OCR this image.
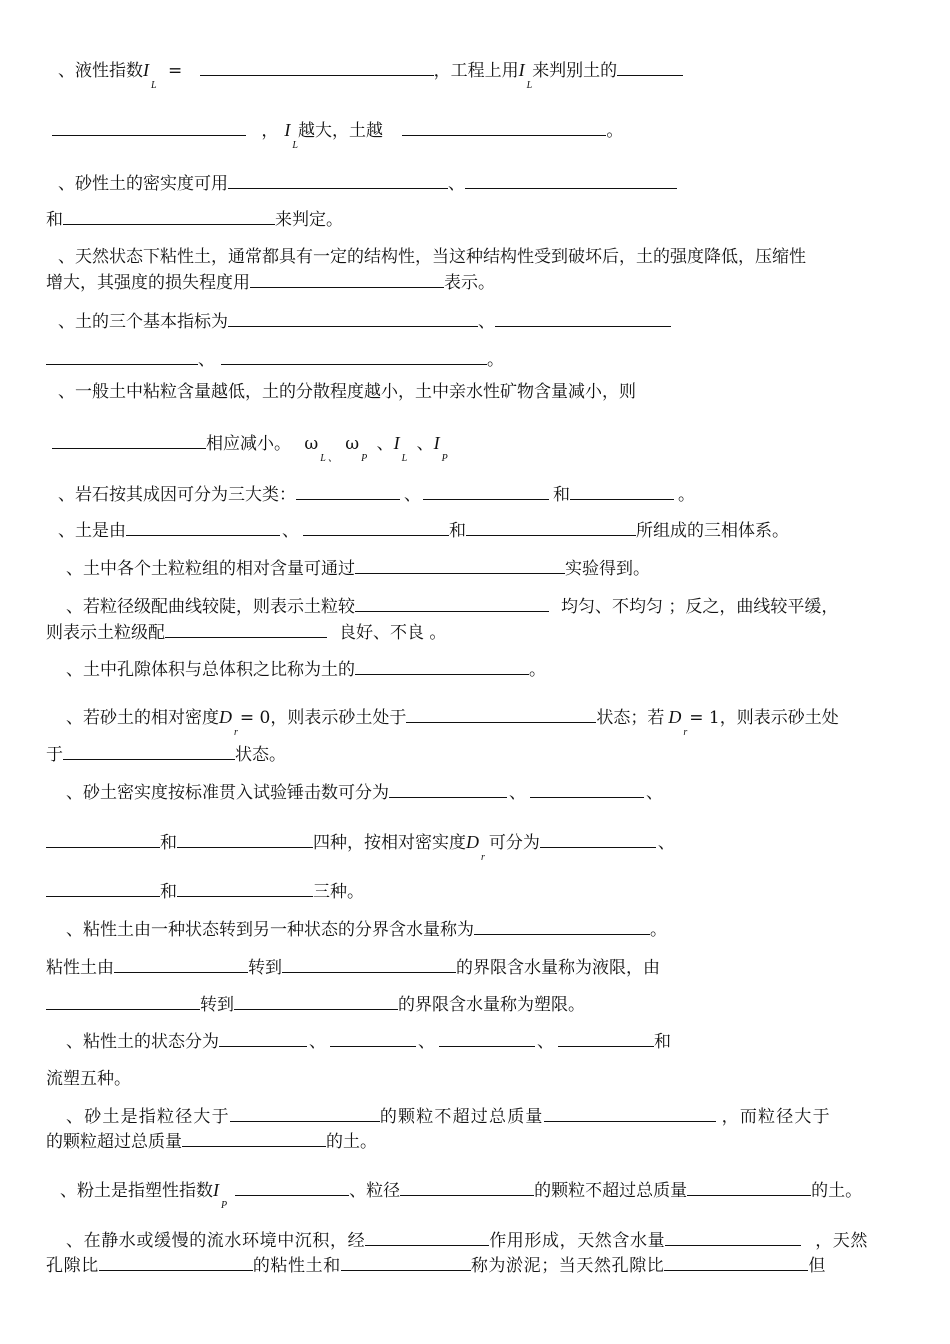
、液性指数$I_L$ =	，工程上用$I_L$来判别土的
， $I_L$越大，土越	。
、砂性土的密实度可用	、
和	来判定。
、天然状态下粘性土，通常都具有一定的结构性，当这种结构性受到破坏后，土的强度降低，压缩性
增大，其强度的损失程度用	表示。
、土的三个基本指标为	、
、	。
、一般土中粘粒含量越低，土的分散程度越小，土中亲水性矿物含量减小，则
相应减小。 $\omega_L$ $_、$ $\omega_P$ 、$I_L$ 、$I_P$
、岩石按其成因可分为三大类：	、	和	。
、土是由	、	和	所组成的三相体系。
、土中各个土粒粒组的相对含量可通过	实验得到。
、若粒径级配曲线较陡，则表示土粒较	均匀、不均匀 ；反之，曲线较平缓，
则表示土粒级配	良好、不良 。
、土中孔隙体积与总体积之比称为土的	。
、若砂土的相对密度$D_r= 0$，则表示砂土处于	状态；若 $D_r= 1$，则表示砂土处
于	状态。
、砂土密实度按标准贯入试验锤击数可分为	、	、
和	四种，按相对密实度$D_r$可分为	、
和	三种。
、粘性土由一种状态转到另一种状态的分界含水量称为	。
粘性土由	转到	的界限含水量称为液限，由
转到	的界限含水量称为塑限。
、粘性土的状态分为	、	、	、	和
流塑五种。
、砂土是指粒径大于	的颗粒不超过总质量	，而粒径大于
的颗粒超过总质量	的土。
、粉土是指塑性指数$I_P$、粒径	的颗粒不超过总质量	的土。
、在静水或缓慢的流水环境中沉积，经	作用形成，天然含水量	，天然
孔隙比	的粘性土和	称为淤泥；当天然孔隙比	但
